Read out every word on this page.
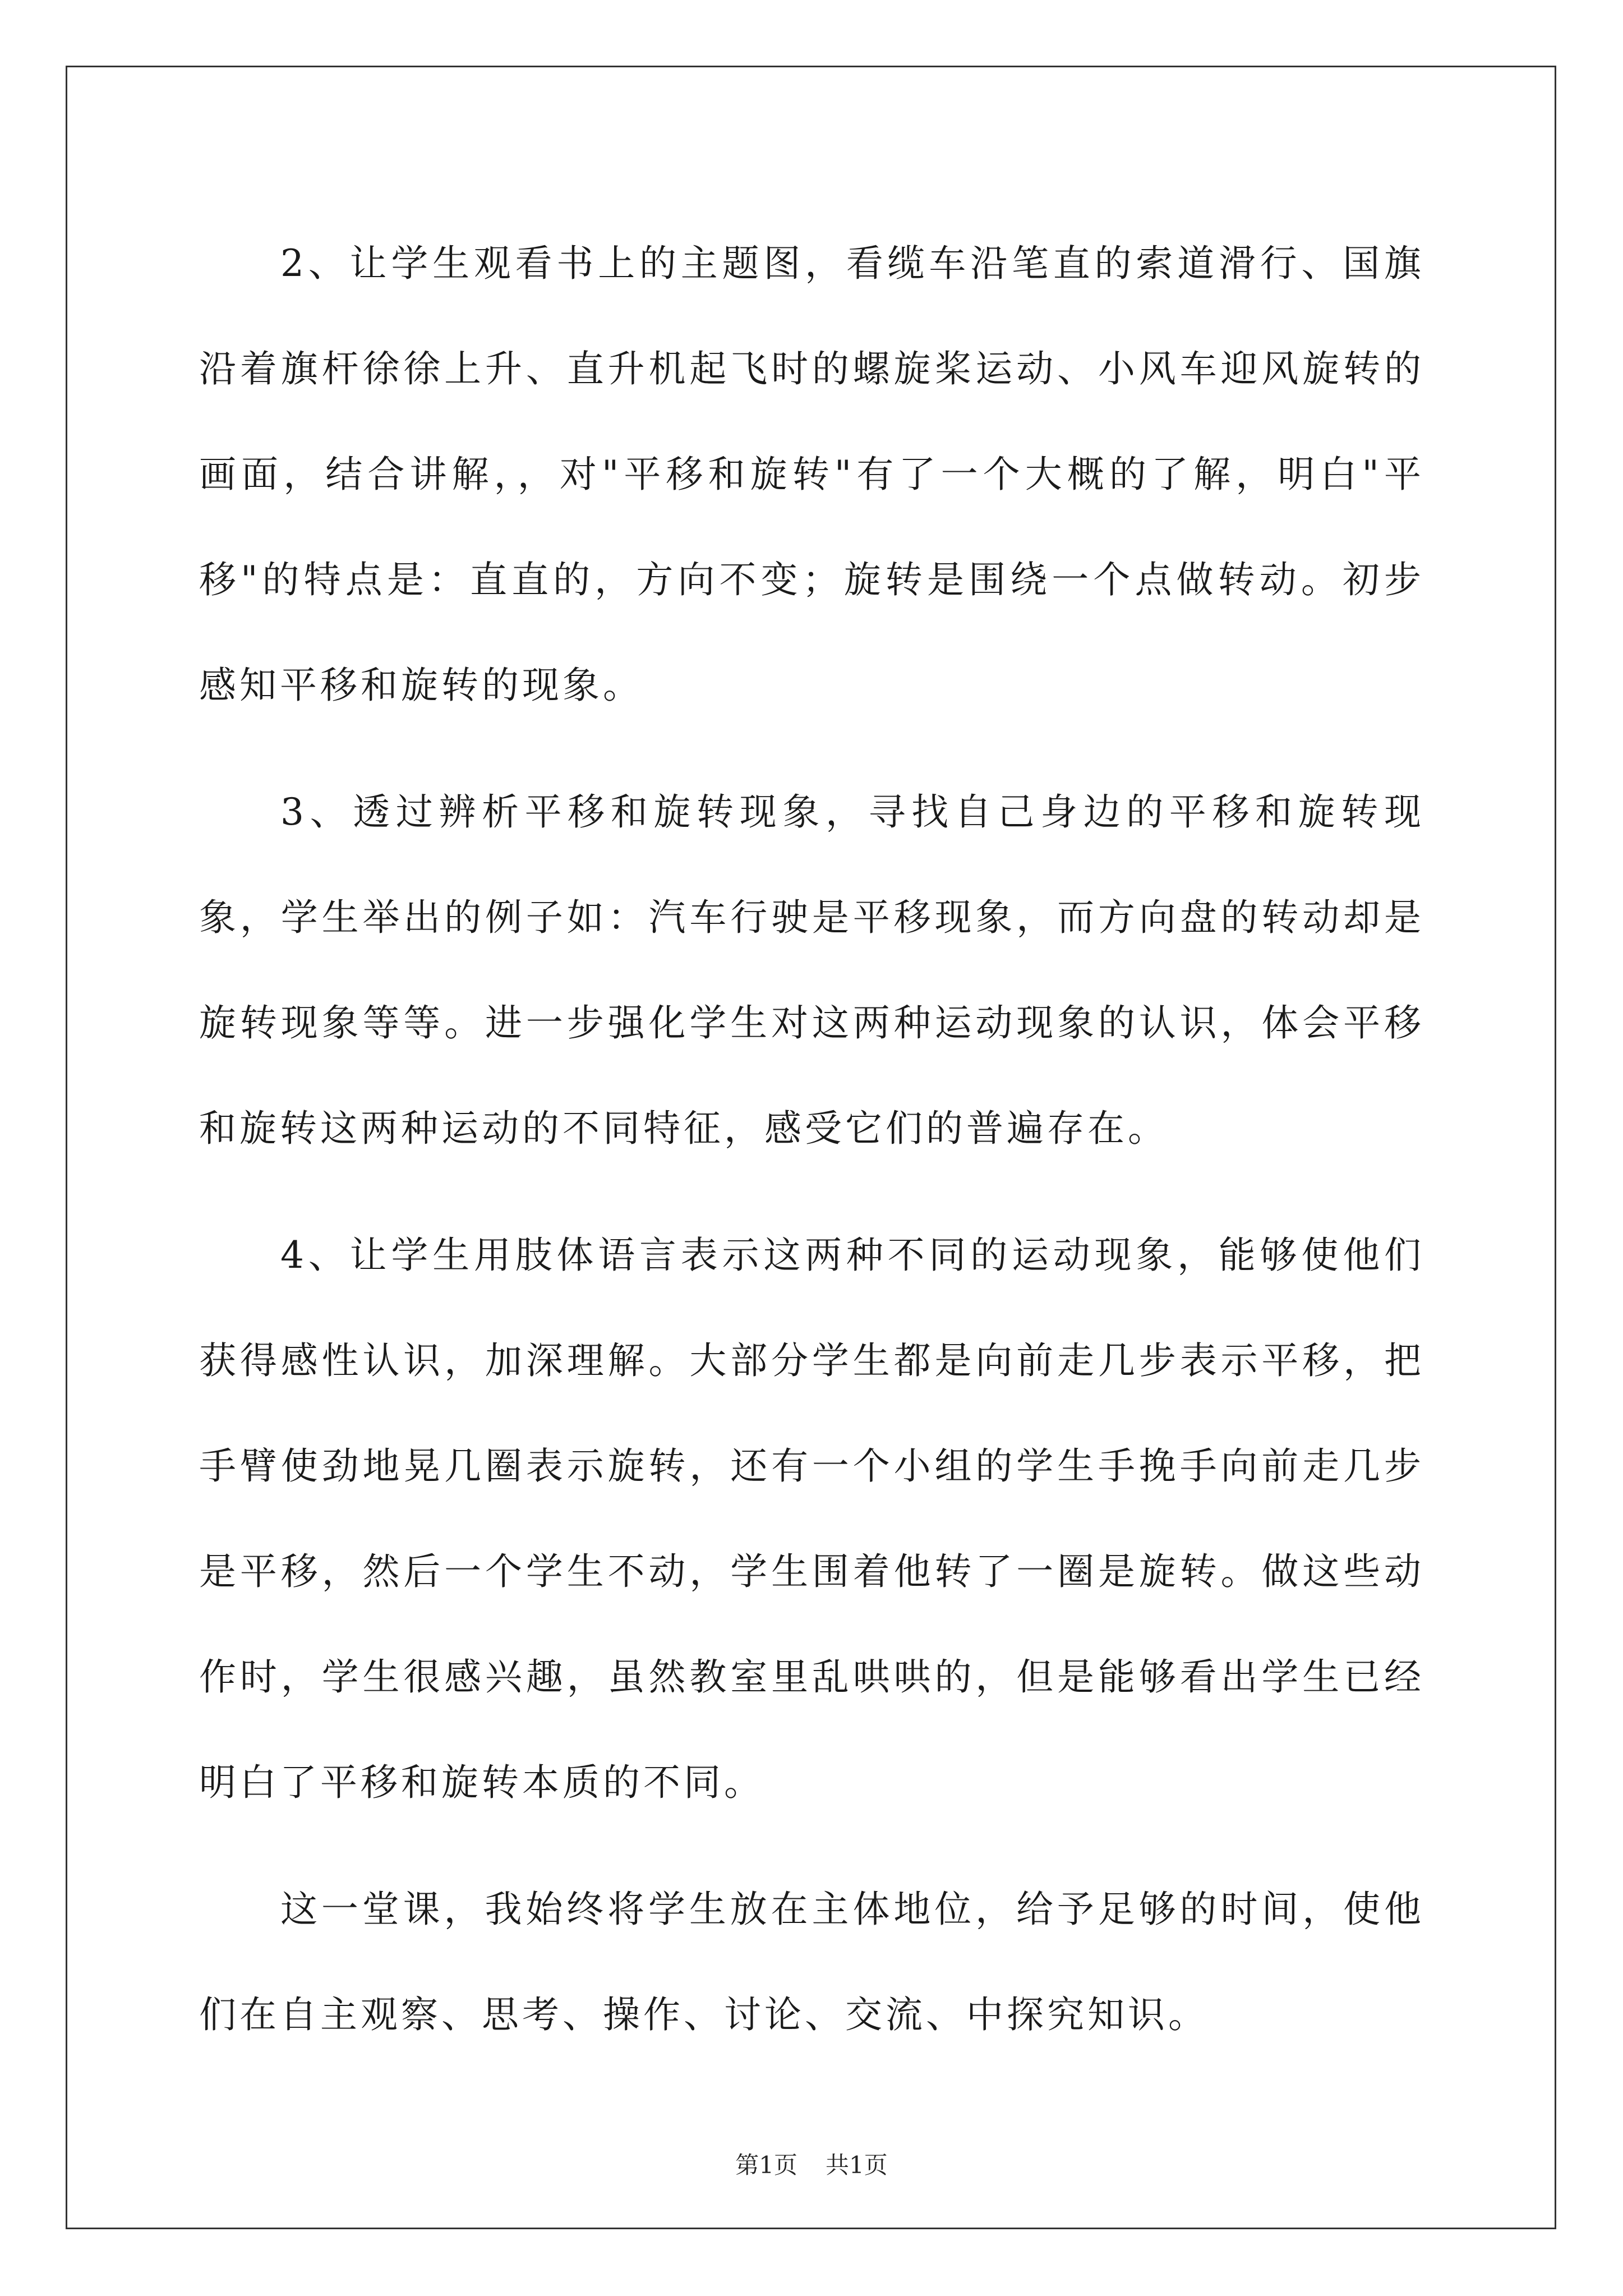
2、让学生观看书上的主题图，看缆车沿笔直的索道滑行、国旗沿着旗杆徐徐上升、直升机起飞时的螺旋桨运动、小风车迎风旋转的画面，结合讲解，，对"平移和旋转"有了一个大概的了解，明白"平移"的特点是：直直的，方向不变；旋转是围绕一个点做转动。初步感知平移和旋转的现象。

3、透过辨析平移和旋转现象，寻找自己身边的平移和旋转现象，学生举出的例子如：汽车行驶是平移现象，而方向盘的转动却是旋转现象等等。进一步强化学生对这两种运动现象的认识，体会平移和旋转这两种运动的不同特征，感受它们的普遍存在。

4、让学生用肢体语言表示这两种不同的运动现象，能够使他们获得感性认识，加深理解。大部分学生都是向前走几步表示平移，把手臂使劲地晃几圈表示旋转，还有一个小组的学生手挽手向前走几步是平移，然后一个学生不动，学生围着他转了一圈是旋转。做这些动作时，学生很感兴趣，虽然教室里乱哄哄的，但是能够看出学生已经明白了平移和旋转本质的不同。

这一堂课，我始终将学生放在主体地位，给予足够的时间，使他们在自主观察、思考、操作、讨论、交流、中探究知识。

第1页 共1页
